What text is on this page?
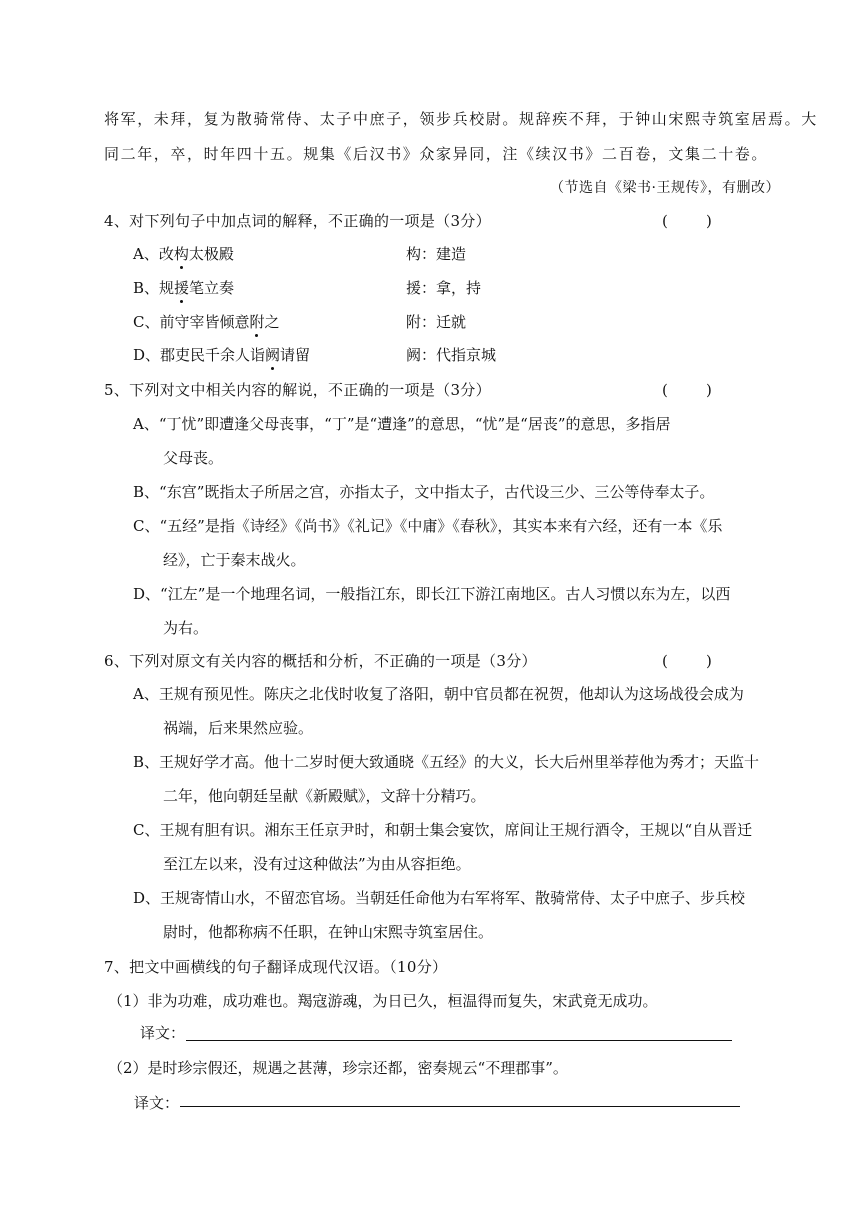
将军，未拜，复为散骑常侍、太子中庶子，领步兵校尉。规辞疾不拜，于钟山宋熙寺筑室居焉。大
同二年，卒，时年四十五。规集《后汉书》众家异同，注《续汉书》二百卷，文集二十卷。
（节选自《梁书·王规传》，有删改）
4、对下列句子中加点词的解释，不正确的一项是（3分）	(        )
A、改构太极殿	构：建造
B、规援笔立奏	援：拿，持
C、前守宰皆倾意附之	附：迁就
D、郡吏民千余人诣阙请留	阙：代指京城
5、下列对文中相关内容的解说，不正确的一项是（3分）	(        )
A、“丁忧”即遭逢父母丧事，“丁”是“遭逢”的意思，“忧”是“居丧”的意思，多指居
父母丧。
B、“东宫”既指太子所居之宫，亦指太子，文中指太子，古代设三少、三公等侍奉太子。
C、“五经”是指《诗经》《尚书》《礼记》《中庸》《春秋》，其实本来有六经，还有一本《乐
经》，亡于秦末战火。
D、“江左”是一个地理名词，一般指江东，即长江下游江南地区。古人习惯以东为左，以西
为右。
6、下列对原文有关内容的概括和分析，不正确的一项是（3分）	(        )
A、王规有预见性。陈庆之北伐时收复了洛阳，朝中官员都在祝贺，他却认为这场战役会成为
祸端，后来果然应验。
B、王规好学才高。他十二岁时便大致通晓《五经》的大义，长大后州里举荐他为秀才；天监十
二年，他向朝廷呈献《新殿赋》，文辞十分精巧。
C、王规有胆有识。湘东王任京尹时，和朝士集会宴饮，席间让王规行酒令，王规以“自从晋迁
至江左以来，没有过这种做法”为由从容拒绝。
D、王规寄情山水，不留恋官场。当朝廷任命他为右军将军、散骑常侍、太子中庶子、步兵校
尉时，他都称病不任职，在钟山宋熙寺筑室居住。
7、把文中画横线的句子翻译成现代汉语。（10分）
（1）非为功难，成功难也。羯寇游魂，为日已久，桓温得而复失，宋武竟无成功。
译文：
（2）是时珍宗假还，规遇之甚薄，珍宗还都，密奏规云“不理郡事”。
译文：
